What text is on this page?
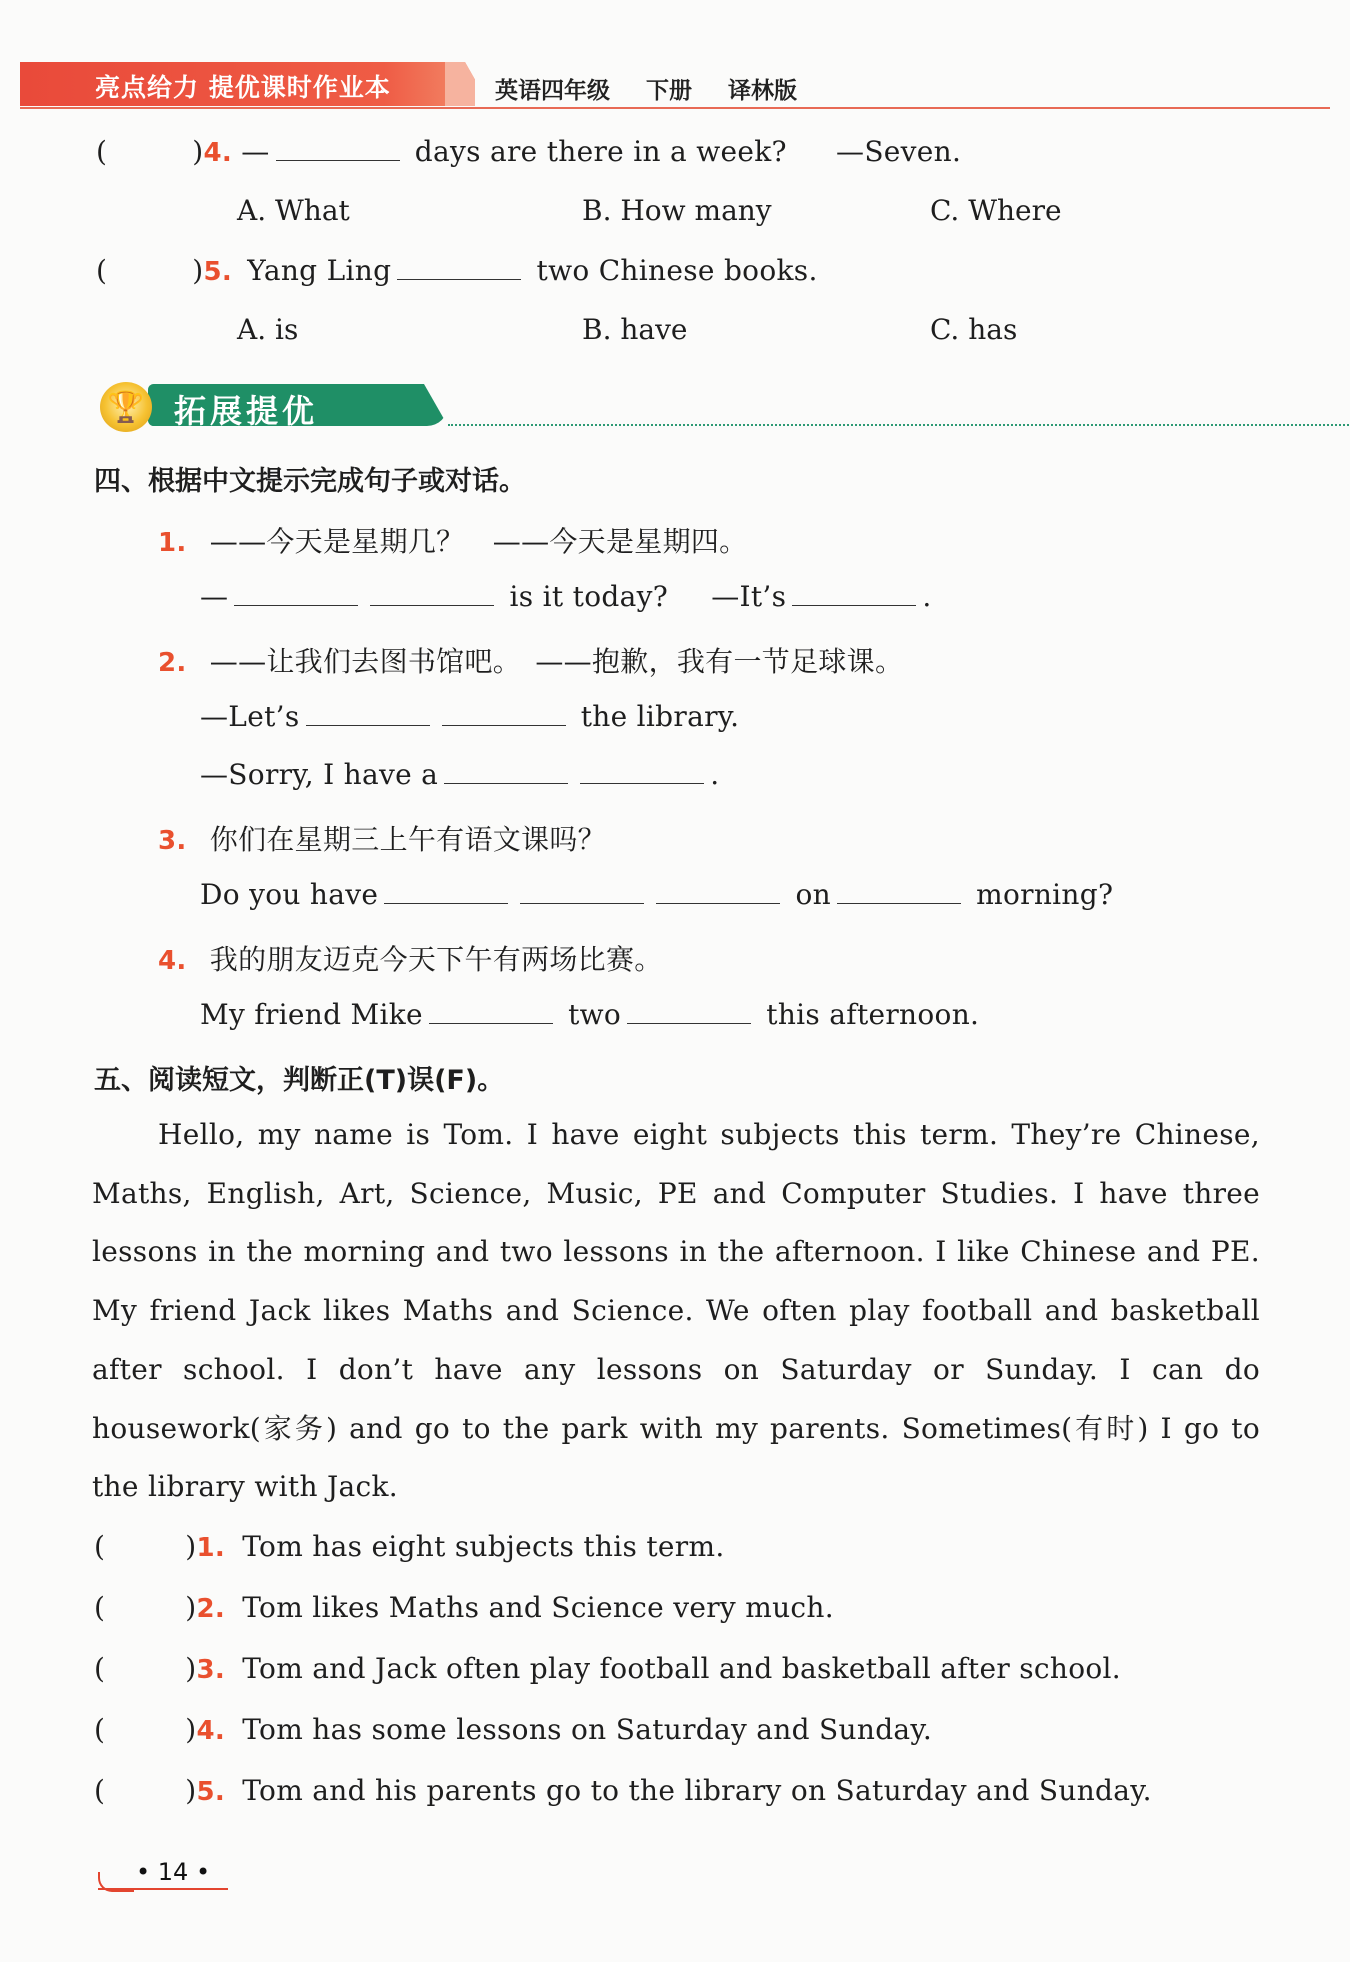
亮点给力 提优课时作业本	英语四年级 下册 译林版
(	)4. —	days are there in a week? —Seven.
A. What	B. How many	C. Where
(	)5. Yang Ling	two Chinese books.
A. is	B. have	C. has
🏆 拓展提优
四、根据中文提示完成句子或对话。
1. ——今天是星期几？　——今天是星期四。
—	is it today? —It’s	.
2. ——让我们去图书馆吧。　——抱歉，我有一节足球课。
—Let’s	the library.
—Sorry, I have a	.
3. 你们在星期三上午有语文课吗？
Do you have	on	morning?
4. 我的朋友迈克今天下午有两场比赛。
My friend Mike	two	this afternoon.
五、阅读短文，判断正(T)误(F)。

Hello, my name is Tom. I have eight subjects this term. They’re Chinese, Maths, English, Art, Science, Music, PE and Computer Studies. I have three lessons in the morning and two lessons in the afternoon. I like Chinese and PE. My friend Jack likes Maths and Science. We often play football and basketball after school. I don’t have any lessons on Saturday or Sunday. I can do housework(家务) and go to the park with my parents. Sometimes(有时) I go to the library with Jack.

(	)1. Tom has eight subjects this term.
(	)2. Tom likes Maths and Science very much.
(	)3. Tom and Jack often play football and basketball after school.
(	)4. Tom has some lessons on Saturday and Sunday.
(	)5. Tom and his parents go to the library on Saturday and Sunday.
• 14 •
